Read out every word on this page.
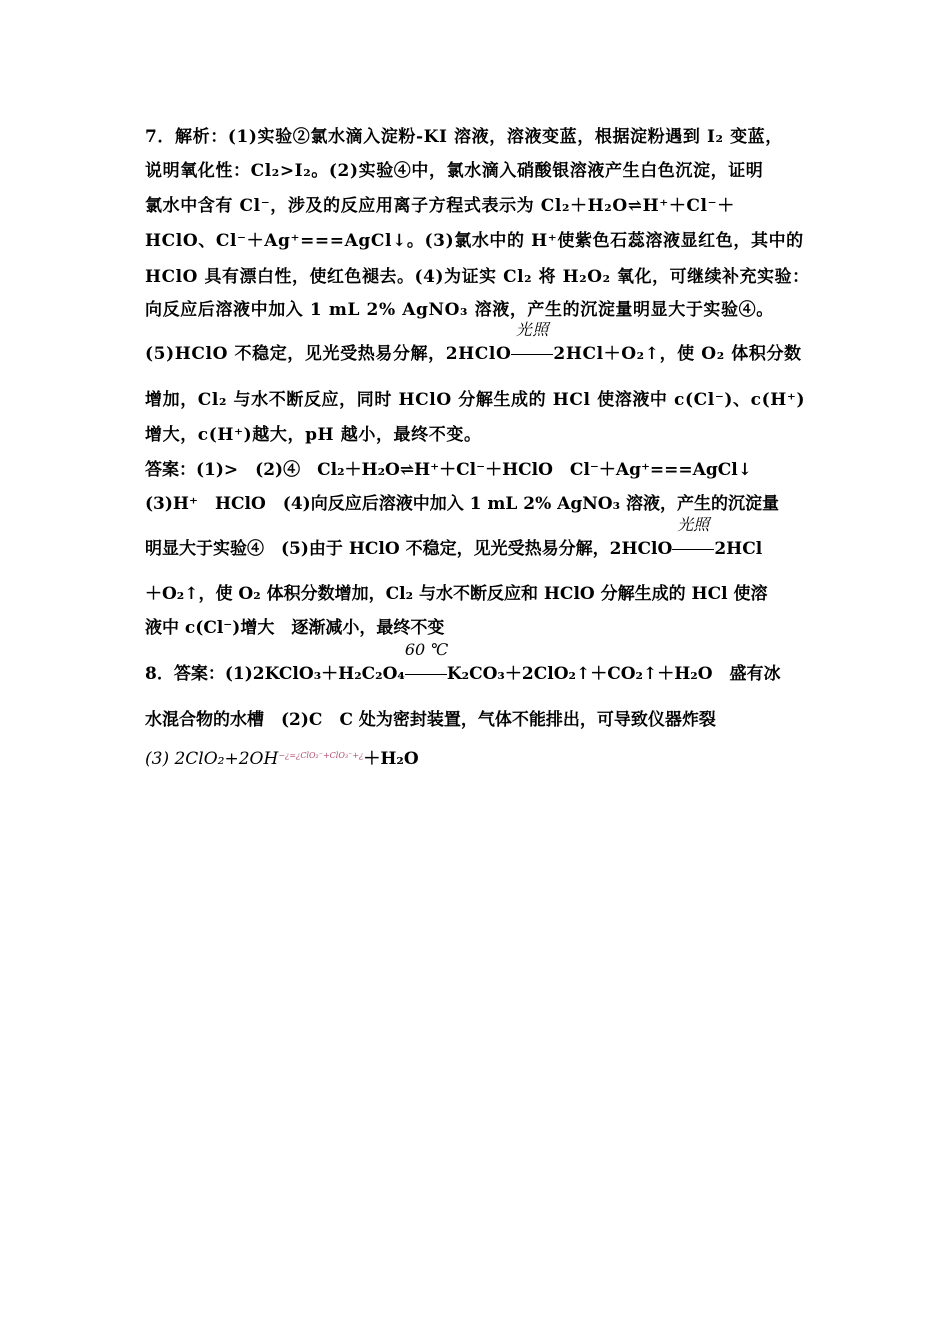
7．解析：(1)实验②氯水滴入淀粉-KI 溶液，溶液变蓝，根据淀粉遇到 I₂ 变蓝，
说明氧化性：Cl₂>I₂。(2)实验④中，氯水滴入硝酸银溶液产生白色沉淀，证明
氯水中含有 Cl⁻，涉及的反应用离子方程式表示为 Cl₂＋H₂O⇌H⁺＋Cl⁻＋
HClO、Cl⁻＋Ag⁺===AgCl↓。(3)氯水中的 H⁺使紫色石蕊溶液显红色，其中的
HClO 具有漂白性，使红色褪去。(4)为证实 Cl₂ 将 H₂O₂ 氧化，可继续补充实验：
向反应后溶液中加入 1 mL 2% AgNO₃ 溶液，产生的沉淀量明显大于实验④。
(5)HClO 不稳定，见光受热易分解，2HClO
光照
2HCl＋O₂↑，使 O₂ 体积分数
增加，Cl₂ 与水不断反应，同时 HClO 分解生成的 HCl 使溶液中 c(Cl⁻)、c(H⁺)
增大，c(H⁺)越大，pH 越小，最终不变。
答案：(1)>　(2)④　Cl₂＋H₂O⇌H⁺＋Cl⁻＋HClO　Cl⁻＋Ag⁺===AgCl↓
(3)H⁺　HClO　(4)向反应后溶液中加入 1 mL 2% AgNO₃ 溶液，产生的沉淀量
明显大于实验④　(5)由于 HClO 不稳定，见光受热易分解，2HClO
光照
2HCl
＋O₂↑，使 O₂ 体积分数增加，Cl₂ 与水不断反应和 HClO 分解生成的 HCl 使溶
液中 c(Cl⁻)增大　逐渐减小，最终不变
8．答案：(1)2KClO₃＋H₂C₂O₄
60 ℃
K₂CO₃＋2ClO₂↑＋CO₂↑＋H₂O　盛有冰
水混合物的水槽　(2)C　C 处为密封装置，气体不能排出，可导致仪器炸裂
(3) $2ClO_2+2OH^{-¿=¿ClO_2^-+ClO_3^-+¿}+H_2O$
